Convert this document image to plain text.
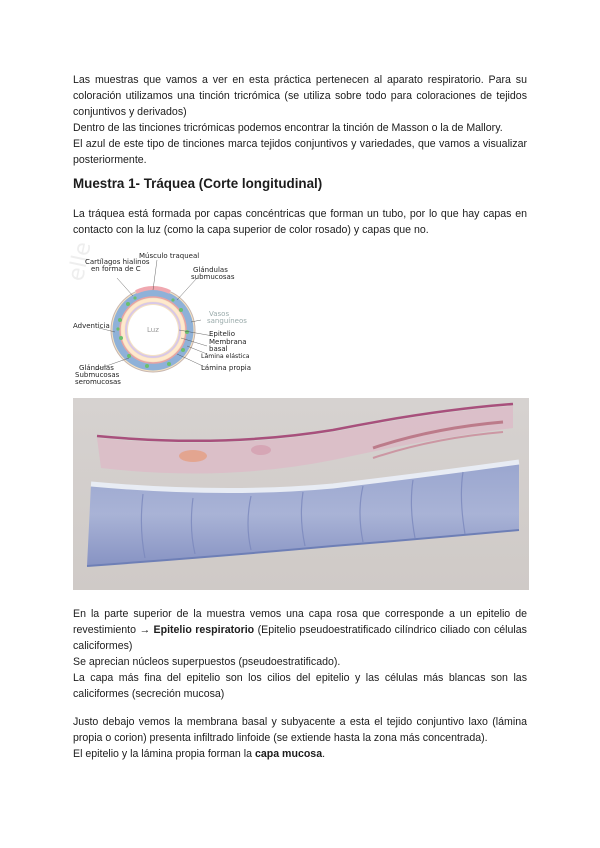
Las muestras que vamos a ver en esta práctica pertenecen al aparato respiratorio. Para su coloración utilizamos una tinción tricrómica (se utiliza sobre todo para coloraciones de tejidos conjuntivos y derivados)

Dentro de las tinciones tricrómicas podemos encontrar la tinción de Masson o la de Mallory.

El azul de este tipo de tinciones marca tejidos conjuntivos y variedades, que vamos a visualizar posteriormente.

Muestra 1- Tráquea (Corte longitudinal)

La tráquea está formada por capas concéntricas que forman un tubo, por lo que hay capas en contacto con la luz (como la capa superior de color rosado) y capas que no.

elle
Cartílagos hialinos
en forma de C
Músculo traqueal
Glándulas
submucosas
Vasos
sanguíneos
Adventicia	Luz	Epitelio
Membrana
basal
Lámina elástica
Lámina propia
Glándulas
Submucosas
seromucosas

En la parte superior de la muestra vemos una capa rosa que corresponde a un epitelio de revestimiento → Epitelio respiratorio (Epitelio pseudoestratificado cilíndrico ciliado con células caliciformes)

Se aprecian núcleos superpuestos (pseudoestratificado).

La capa más fina del epitelio son los cilios del epitelio y las células más blancas son las caliciformes (secreción mucosa)

Justo debajo vemos la membrana basal y subyacente a esta el tejido conjuntivo laxo (lámina propia o corion) presenta infiltrado linfoide (se extiende hasta la zona más concentrada).

El epitelio y la lámina propia forman la capa mucosa.
